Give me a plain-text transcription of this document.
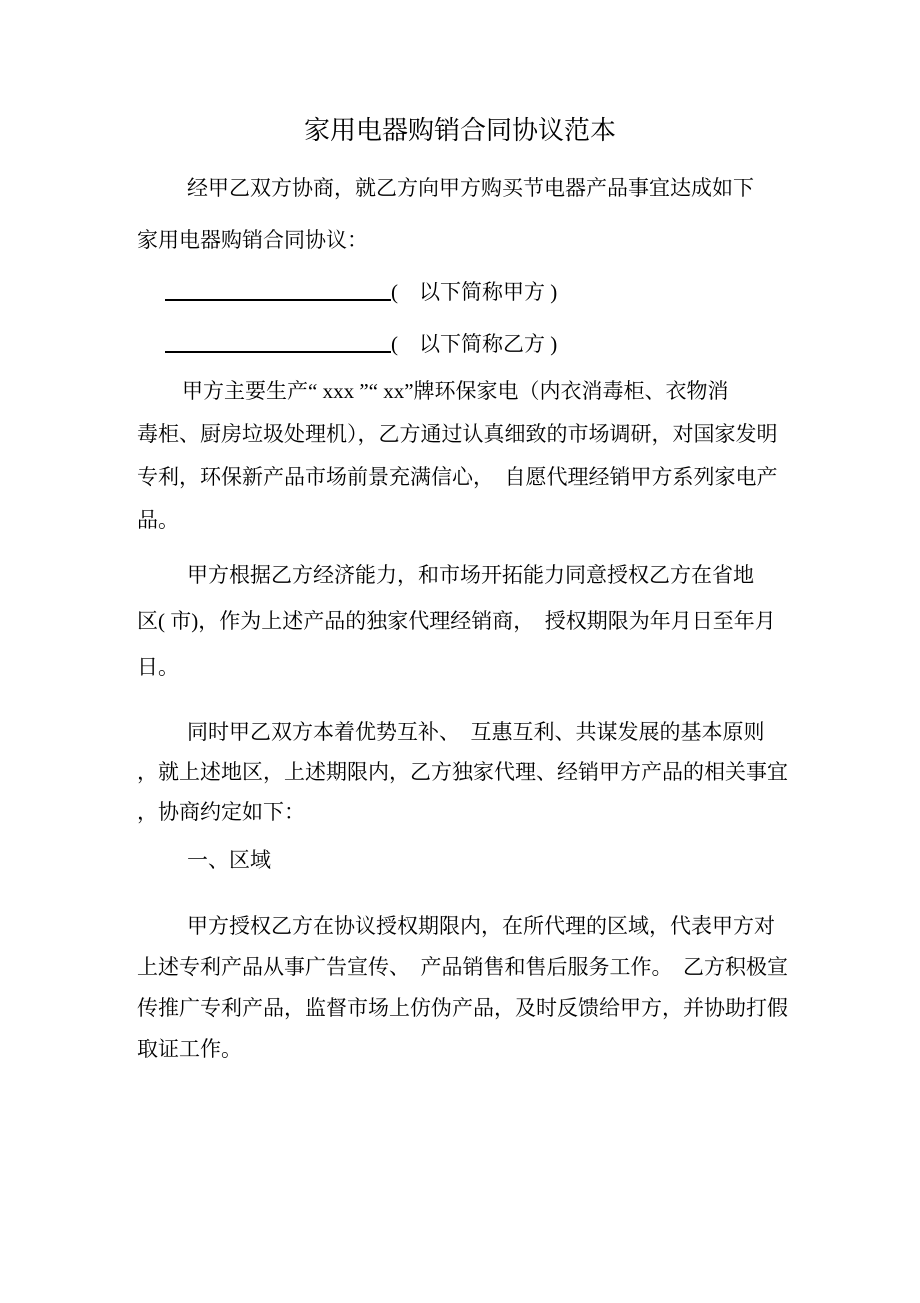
家用电器购销合同协议范本
经甲乙双方协商，就乙方向甲方购买节电器产品事宜达成如下
家用电器购销合同协议：
(　以下简称甲方 )
(　以下简称乙方 )
甲方主要生产“ xxx ”“ xx”牌环保家电（内衣消毒柜、衣物消
毒柜、厨房垃圾处理机），乙方通过认真细致的市场调研，对国家发明
专利，环保新产品市场前景充满信心，　自愿代理经销甲方系列家电产
品。
甲方根据乙方经济能力，和市场开拓能力同意授权乙方在省地
区( 市)，作为上述产品的独家代理经销商，　授权期限为年月日至年月
日。
同时甲乙双方本着优势互补、　互惠互利、共谋发展的基本原则
，就上述地区，上述期限内，乙方独家代理、经销甲方产品的相关事宜
，协商约定如下：
一、区域
甲方授权乙方在协议授权期限内，在所代理的区域，代表甲方对
上述专利产品从事广告宣传、　产品销售和售后服务工作。　乙方积极宣
传推广专利产品，监督市场上仿伪产品，及时反馈给甲方，并协助打假
取证工作。
